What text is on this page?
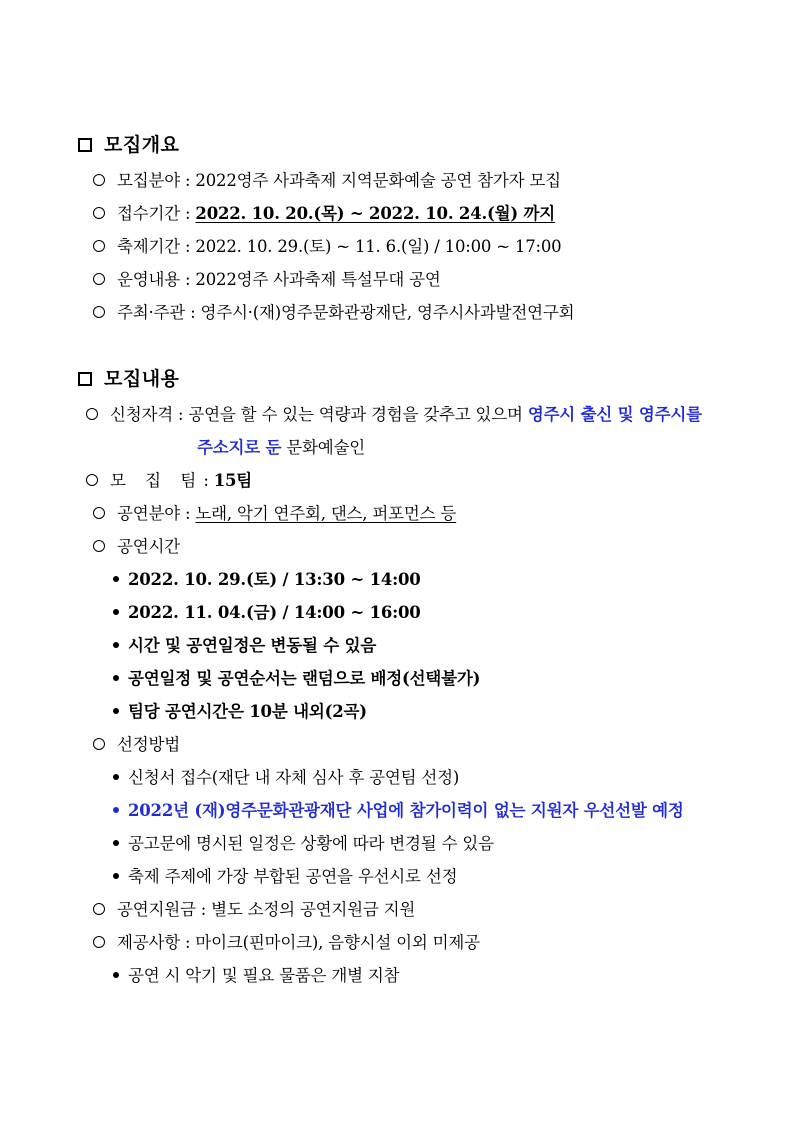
모집개요
모집분야 : 2022영주 사과축제 지역문화예술 공연 참가자 모집
접수기간 : 2022. 10. 20.(목) ~ 2022. 10. 24.(월) 까지
축제기간 : 2022. 10. 29.(토) ~ 11. 6.(일) / 10:00 ~ 17:00
운영내용 : 2022영주 사과축제 특설무대 공연
주최·주관 : 영주시·(재)영주문화관광재단, 영주시사과발전연구회
모집내용
신청자격 : 공연을 할 수 있는 역량과 경험을 갖추고 있으며 영주시 출신 및 영주시를
주소지로 둔 문화예술인
모 집 팀: 15팀
공연분야 : 노래, 악기 연주회, 댄스, 퍼포먼스 등
공연시간
2022. 10. 29.(토) / 13:30 ~ 14:00
2022. 11. 04.(금) / 14:00 ~ 16:00
시간 및 공연일정은 변동될 수 있음
공연일정 및 공연순서는 랜덤으로 배정(선택불가)
팀당 공연시간은 10분 내외(2곡)
선정방법
신청서 접수(재단 내 자체 심사 후 공연팀 선정)
2022년 (재)영주문화관광재단 사업에 참가이력이 없는 지원자 우선선발 예정
공고문에 명시된 일정은 상황에 따라 변경될 수 있음
축제 주제에 가장 부합된 공연을 우선시로 선정
공연지원금 : 별도 소정의 공연지원금 지원
제공사항 : 마이크(핀마이크), 음향시설 이외 미제공
공연 시 악기 및 필요 물품은 개별 지참
